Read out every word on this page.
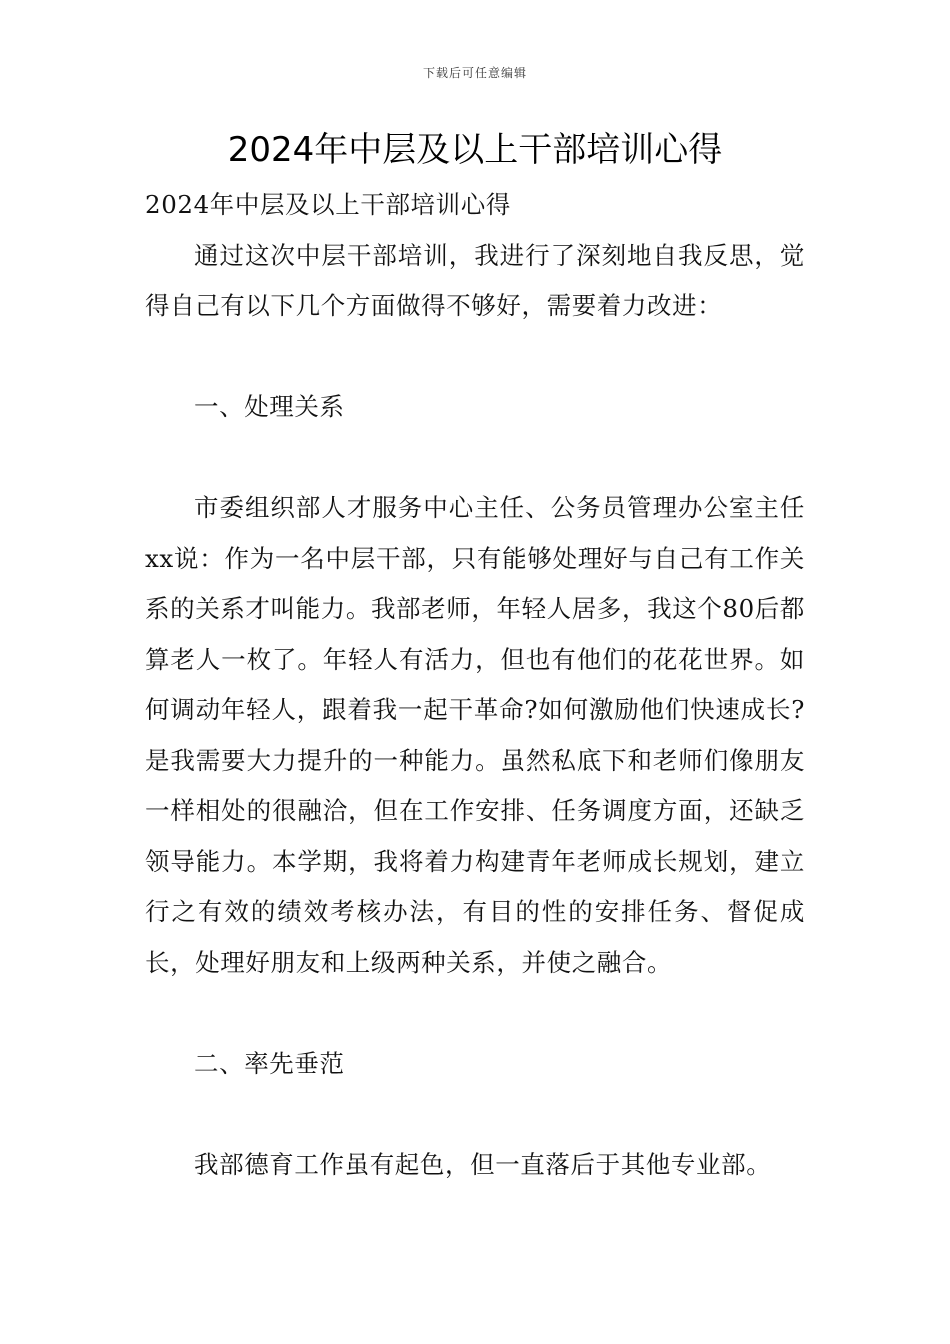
下载后可任意编辑
2024年中层及以上干部培训心得

2024年中层及以上干部培训心得

通过这次中层干部培训，我进行了深刻地自我反思，觉得自己有以下几个方面做得不够好，需要着力改进：

一、处理关系

市委组织部人才服务中心主任、公务员管理办公室主任xx说：作为一名中层干部，只有能够处理好与自己有工作关系的关系才叫能力。我部老师，年轻人居多，我这个80后都算老人一枚了。年轻人有活力，但也有他们的花花世界。如何调动年轻人，跟着我一起干革命?如何激励他们快速成长?是我需要大力提升的一种能力。虽然私底下和老师们像朋友一样相处的很融洽，但在工作安排、任务调度方面，还缺乏领导能力。本学期，我将着力构建青年老师成长规划，建立行之有效的绩效考核办法，有目的性的安排任务、督促成长，处理好朋友和上级两种关系，并使之融合。

二、率先垂范

我部德育工作虽有起色，但一直落后于其他专业部。
